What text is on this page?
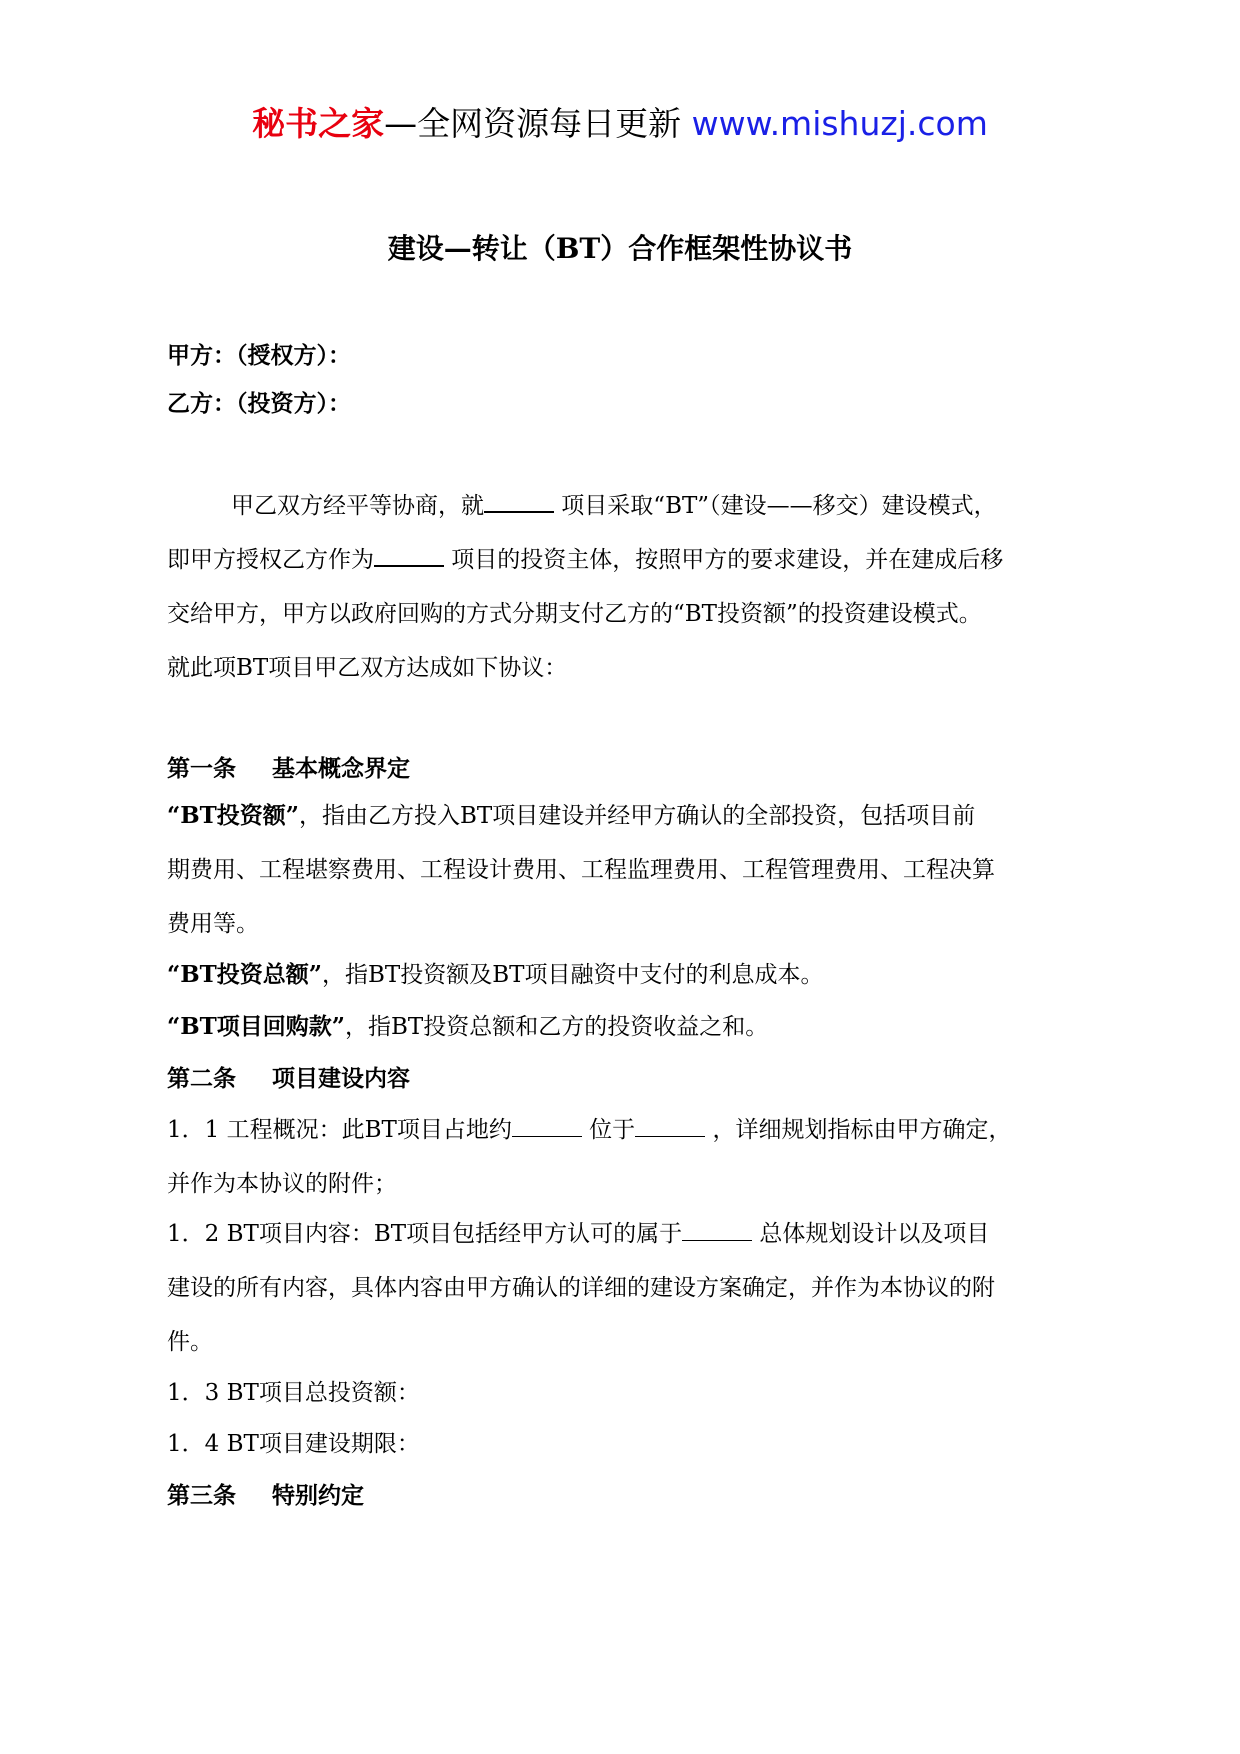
秘书之家—全网资源每日更新 www.mishuzj.com
建设—转让（BT）合作框架性协议书
甲方：（授权方）：
乙方：（投资方）：
甲乙双方经平等协商，就	项目采取“BT”（建设——移交）建设模式，
即甲方授权乙方作为	项目的投资主体，按照甲方的要求建设，并在建成后移
交给甲方，甲方以政府回购的方式分期支付乙方的“BT投资额”的投资建设模式。
就此项BT项目甲乙双方达成如下协议：
第一条 基本概念界定
“BT投资额”，指由乙方投入BT项目建设并经甲方确认的全部投资，包括项目前
期费用、工程堪察费用、工程设计费用、工程监理费用、工程管理费用、工程决算
费用等。
“BT投资总额”，指BT投资额及BT项目融资中支付的利息成本。
“BT项目回购款”，指BT投资总额和乙方的投资收益之和。
第二条 项目建设内容
1．1 工程概况：此BT项目占地约	位于	，详细规划指标由甲方确定，
并作为本协议的附件；
1．2 BT项目内容：BT项目包括经甲方认可的属于	总体规划设计以及项目
建设的所有内容，具体内容由甲方确认的详细的建设方案确定，并作为本协议的附
件。
1．3 BT项目总投资额：
1．4 BT项目建设期限：
第三条 特别约定
